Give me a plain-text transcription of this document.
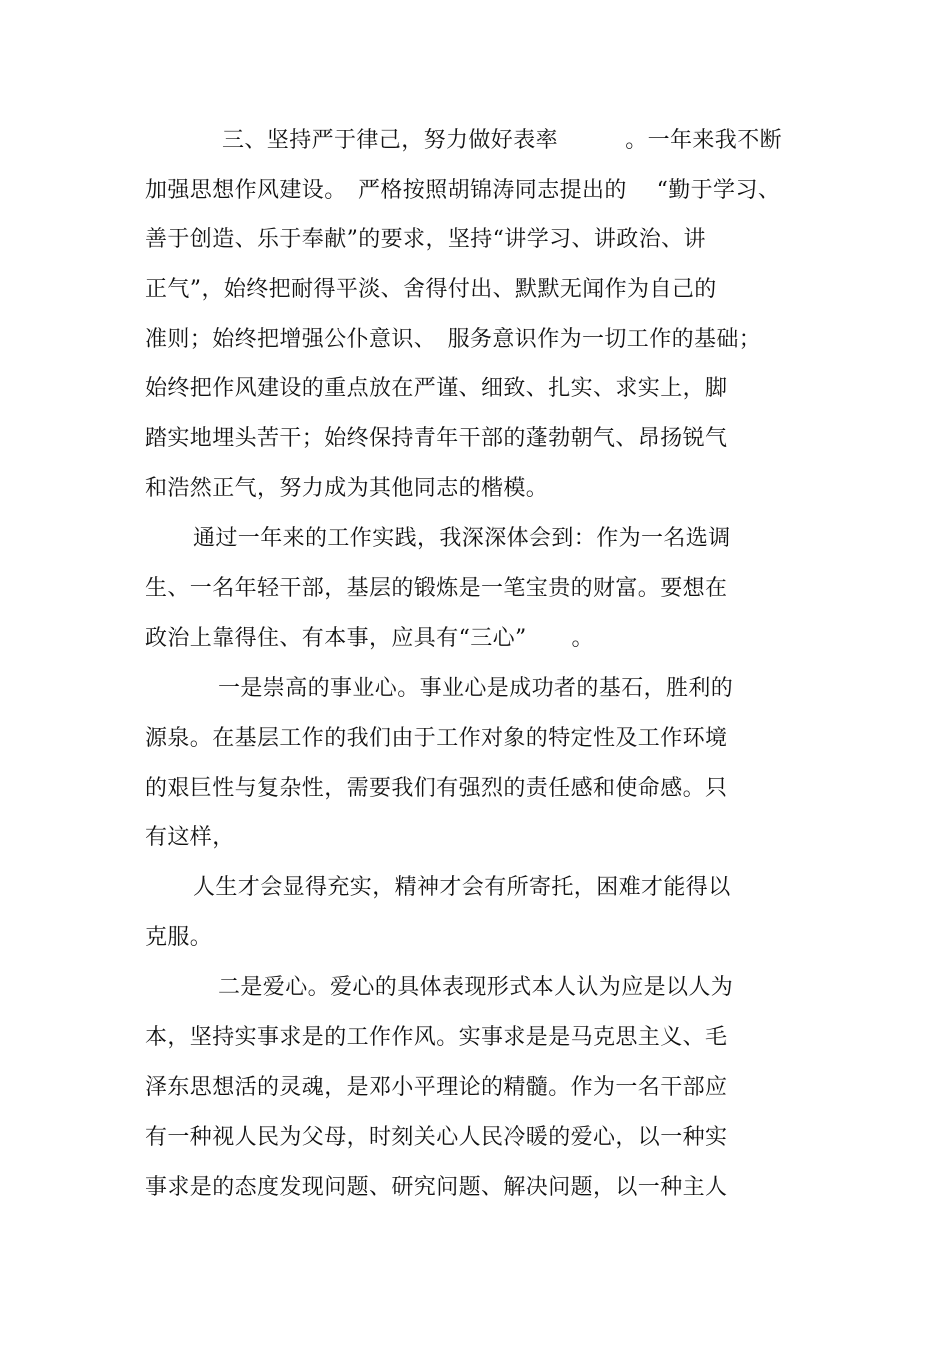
三、坚持严于律己，努力做好表率　　　。一年来我不断
加强思想作风建设。　严格按照胡锦涛同志提出的　 “勤于学习、
善于创造、乐于奉献”的要求，坚持“讲学习、讲政治、讲
正气”，始终把耐得平淡、舍得付出、默默无闻作为自己的
准则；始终把增强公仆意识、　服务意识作为一切工作的基础；
始终把作风建设的重点放在严谨、细致、扎实、求实上，脚
踏实地埋头苦干；始终保持青年干部的蓬勃朝气、昂扬锐气
和浩然正气，努力成为其他同志的楷模。
通过一年来的工作实践，我深深体会到：作为一名选调
生、一名年轻干部，基层的锻炼是一笔宝贵的财富。要想在
政治上靠得住、有本事，应具有“三心”　　。
一是崇高的事业心。事业心是成功者的基石，胜利的
源泉。在基层工作的我们由于工作对象的特定性及工作环境
的艰巨性与复杂性，需要我们有强烈的责任感和使命感。只
有这样，
人生才会显得充实，精神才会有所寄托，困难才能得以
克服。
二是爱心。爱心的具体表现形式本人认为应是以人为
本，坚持实事求是的工作作风。实事求是是马克思主义、毛
泽东思想活的灵魂，是邓小平理论的精髓。作为一名干部应
有一种视人民为父母，时刻关心人民冷暖的爱心，以一种实
事求是的态度发现问题、研究问题、解决问题，以一种主人
